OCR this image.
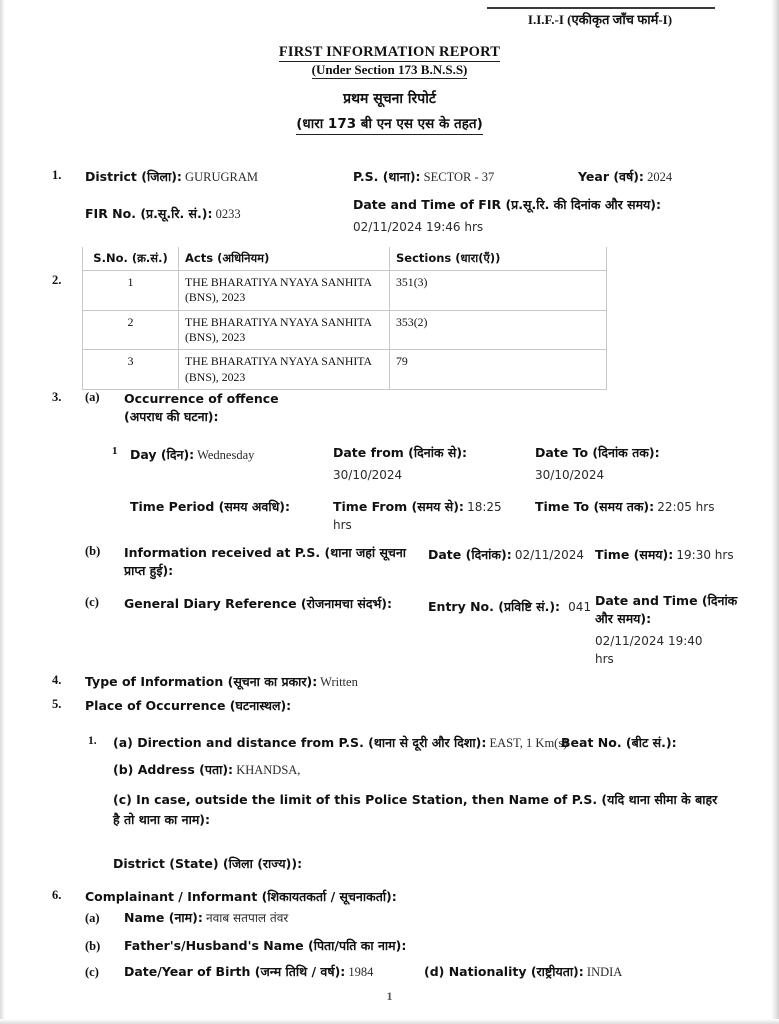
I.I.F.-I (एकीकृत जाँच फार्म-I)
FIRST INFORMATION REPORT
(Under Section 173 B.N.S.S)
प्रथम सूचना रिपोर्ट
(धारा 173 बी एन एस एस के तहत)
1. District (जिला): GURUGRAM	P.S. (थाना): SECTOR - 37	Year (वर्ष): 2024
FIR No. (प्र.सू.रि. सं.): 0233
Date and Time of FIR (प्र.सू.रि. की दिनांक और समय):
02/11/2024 19:46 hrs
2.
S.No. (क्र.सं.)	Acts (अधिनियम)	Sections (धारा(एँ))
1	THE BHARATIYA NYAYA SANHITA (BNS), 2023	351(3)
2	THE BHARATIYA NYAYA SANHITA (BNS), 2023	353(2)
3	THE BHARATIYA NYAYA SANHITA (BNS), 2023	79
3. (a) Occurrence of offence (अपराध की घटना):
1 Day (दिन): Wednesday	Date from (दिनांक से):
30/10/2024
Date To (दिनांक तक):
30/10/2024
Time Period (समय अवधि):	Time From (समय से): 18:25 hrs
Time To (समय तक): 22:05 hrs
(b) Information received at P.S. (थाना जहां सूचना प्राप्त हुई):
Date (दिनांक): 02/11/2024 Time (समय): 19:30 hrs
(c) General Diary Reference (रोजनामचा संदर्भ):	Entry No. (प्रविष्टि सं.): 041 Date and Time (दिनांक और समय):
02/11/2024 19:40 hrs
4. Type of Information (सूचना का प्रकार): Written
5. Place of Occurrence (घटनास्थल):
1. (a) Direction and distance from P.S. (थाना से दूरी और दिशा): EAST, 1 Km(s)
Beat No. (बीट सं.):
(b) Address (पता): KHANDSA,
(c) In case, outside the limit of this Police Station, then Name of P.S. (यदि थाना सीमा के बाहर है तो थाना का नाम):
District (State) (जिला (राज्य)):
6. Complainant / Informant (शिकायतकर्ता / सूचनाकर्ता):
(a) Name (नाम): नवाब सतपाल तंवर
(b) Father's/Husband's Name (पिता/पति का नाम):
(c) Date/Year of Birth (जन्म तिथि / वर्ष): 1984	(d) Nationality (राष्ट्रीयता): INDIA
1
